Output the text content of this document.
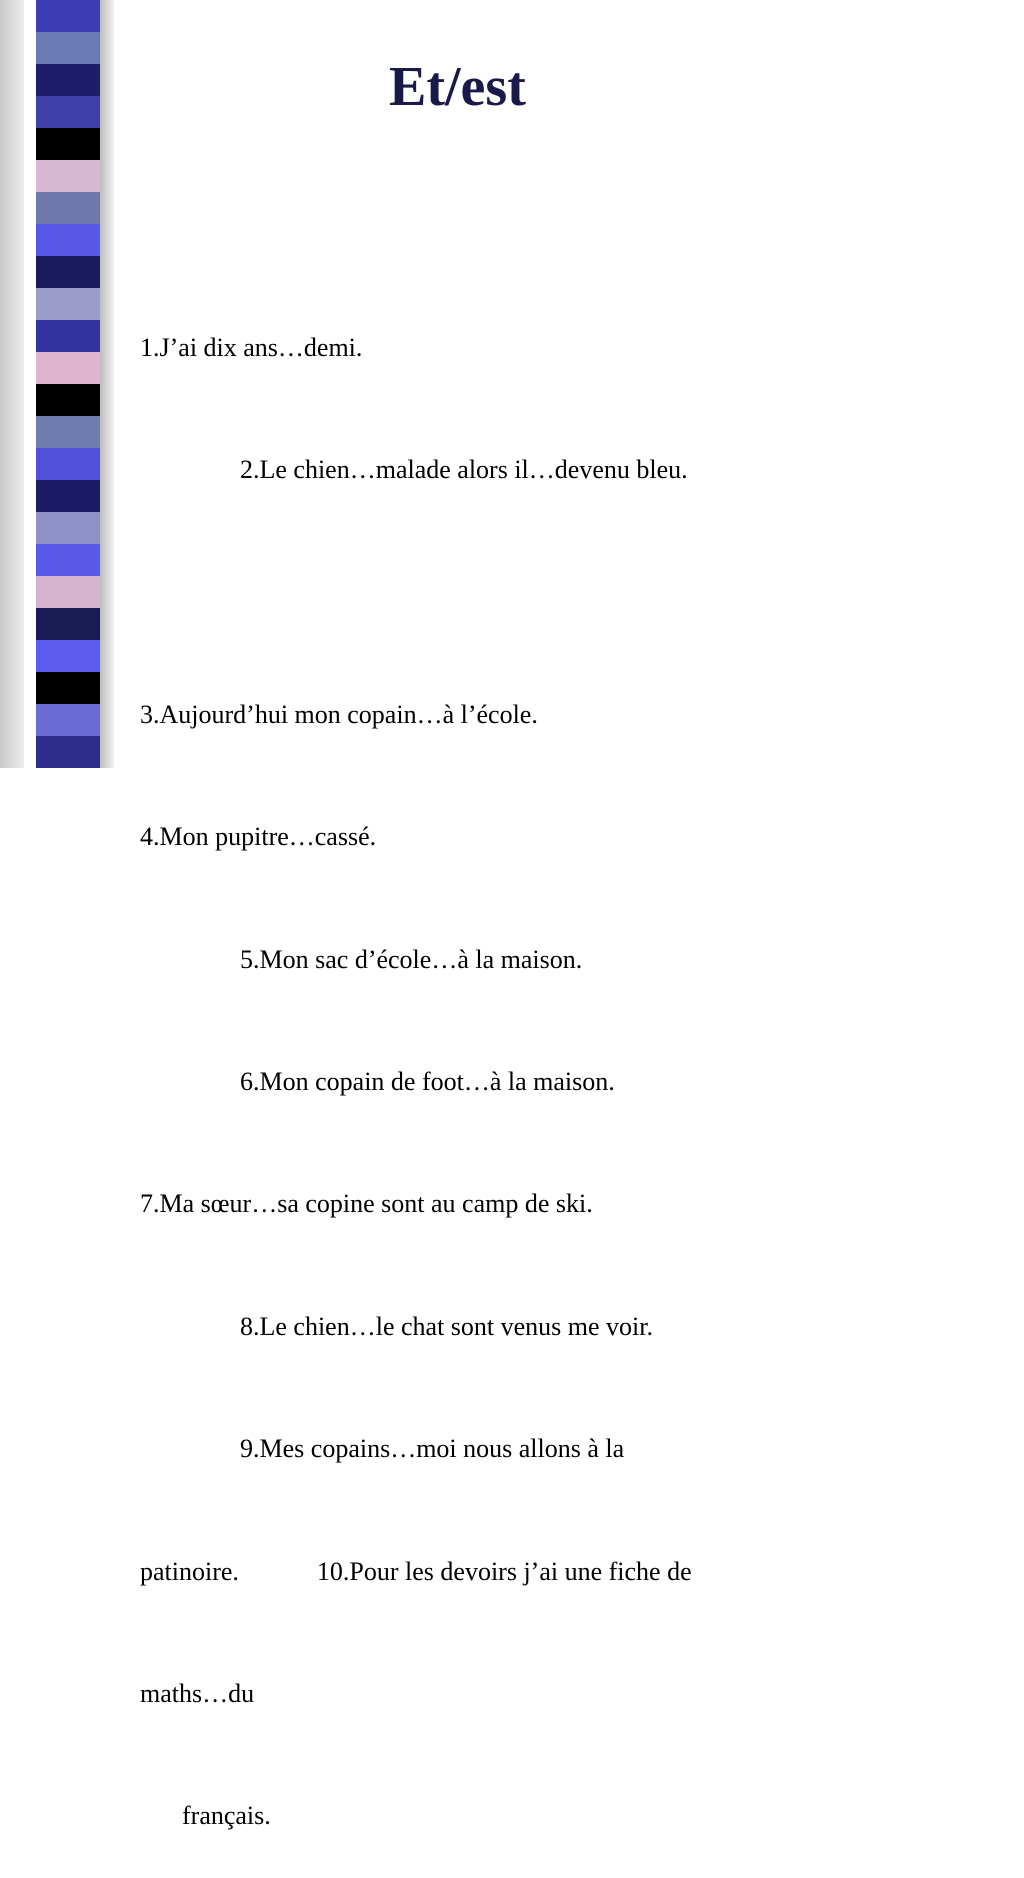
Et/est

1.J’ai dix ans…demi.

2.Le chien…malade alors il…devenu bleu.

3.Aujourd’hui mon copain…à l’école.

4.Mon pupitre…cassé.

5.Mon sac d’école…à la maison.

6.Mon copain de foot…à la maison.

7.Ma sœur…sa copine sont au camp de ski.

8.Le chien…le chat sont venus me voir.

9.Mes copains…moi nous allons à la

patinoire.            10.Pour les devoirs j’ai une fiche de

maths…du

français.
